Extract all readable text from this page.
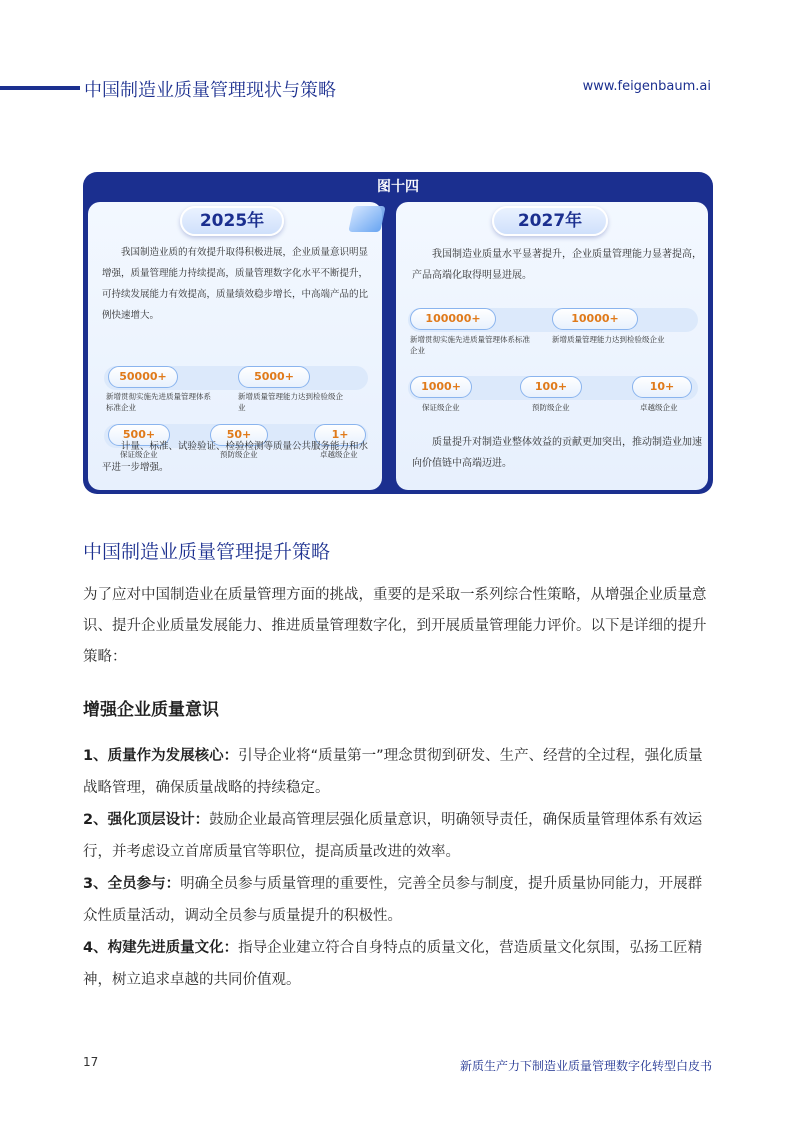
中国制造业质量管理现状与策略	www.feigenbaum.ai
图十四
2025年
我国制造业质的有效提升取得积极进展，企业质量意识明显增强，质量管理能力持续提高，质量管理数字化水平不断提升，可持续发展能力有效提高，质量绩效稳步增长，中高端产品的比例快速增大。
50000+	5000+
新增贯彻实施先进质量管理体系标准企业
新增质量管理能力达到检验级企业
500+	50+	1+
保证级企业	预防级企业	卓越级企业
2027年
我国制造业质量水平显著提升，企业质量管理能力显著提高，产品高端化取得明显进展。
100000+	10000+
新增贯彻实施先进质量管理体系标准企业
新增质量管理能力达到检验级企业
1000+	100+	10+
保证级企业	预防级企业	卓越级企业
质量提升对制造业整体效益的贡献更加突出，推动制造业加速向价值链中高端迈进。
计量、标准、试验验证、检验检测等质量公共服务能力和水平进一步增强。
中国制造业质量管理提升策略
为了应对中国制造业在质量管理方面的挑战，重要的是采取一系列综合性策略，从增强企业质量意识、提升企业质量发展能力、推进质量管理数字化，到开展质量管理能力评价。以下是详细的提升策略：
增强企业质量意识
1、质量作为发展核心：引导企业将“质量第一”理念贯彻到研发、生产、经营的全过程，强化质量战略管理，确保质量战略的持续稳定。
2、强化顶层设计：鼓励企业最高管理层强化质量意识，明确领导责任，确保质量管理体系有效运行，并考虑设立首席质量官等职位，提高质量改进的效率。
3、全员参与：明确全员参与质量管理的重要性，完善全员参与制度，提升质量协同能力，开展群众性质量活动，调动全员参与质量提升的积极性。
4、构建先进质量文化：指导企业建立符合自身特点的质量文化，营造质量文化氛围，弘扬工匠精神，树立追求卓越的共同价值观。
17	新质生产力下制造业质量管理数字化转型白皮书
